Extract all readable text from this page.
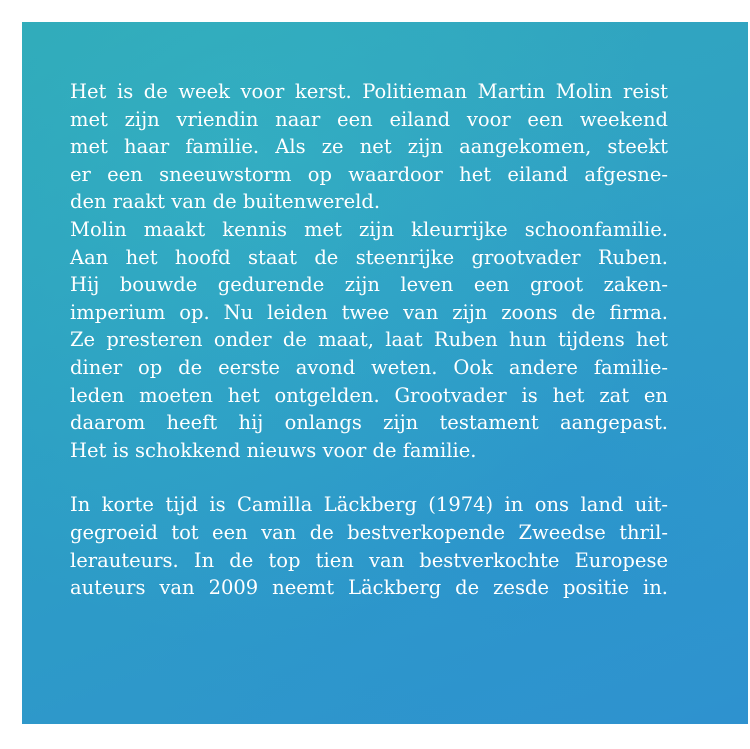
Het is de week voor kerst. Politieman Martin Molin reist
met zijn vriendin naar een eiland voor een weekend
met haar familie. Als ze net zijn aangekomen, steekt
er een sneeuwstorm op waardoor het eiland afgesne-
den raakt van de buitenwereld.

Molin maakt kennis met zijn kleurrijke schoonfamilie.
Aan het hoofd staat de steenrijke grootvader Ruben.
Hij bouwde gedurende zijn leven een groot zaken-
imperium op. Nu leiden twee van zijn zoons de firma.
Ze presteren onder de maat, laat Ruben hun tijdens het
diner op de eerste avond weten. Ook andere familie-
leden moeten het ontgelden. Grootvader is het zat en
daarom heeft hij onlangs zijn testament aangepast.
Het is schokkend nieuws voor de familie.

In korte tijd is Camilla Läckberg (1974) in ons land uit-
gegroeid tot een van de bestverkopende Zweedse thril-
lerauteurs. In de top tien van bestverkochte Europese
auteurs van 2009 neemt Läckberg de zesde positie in.
